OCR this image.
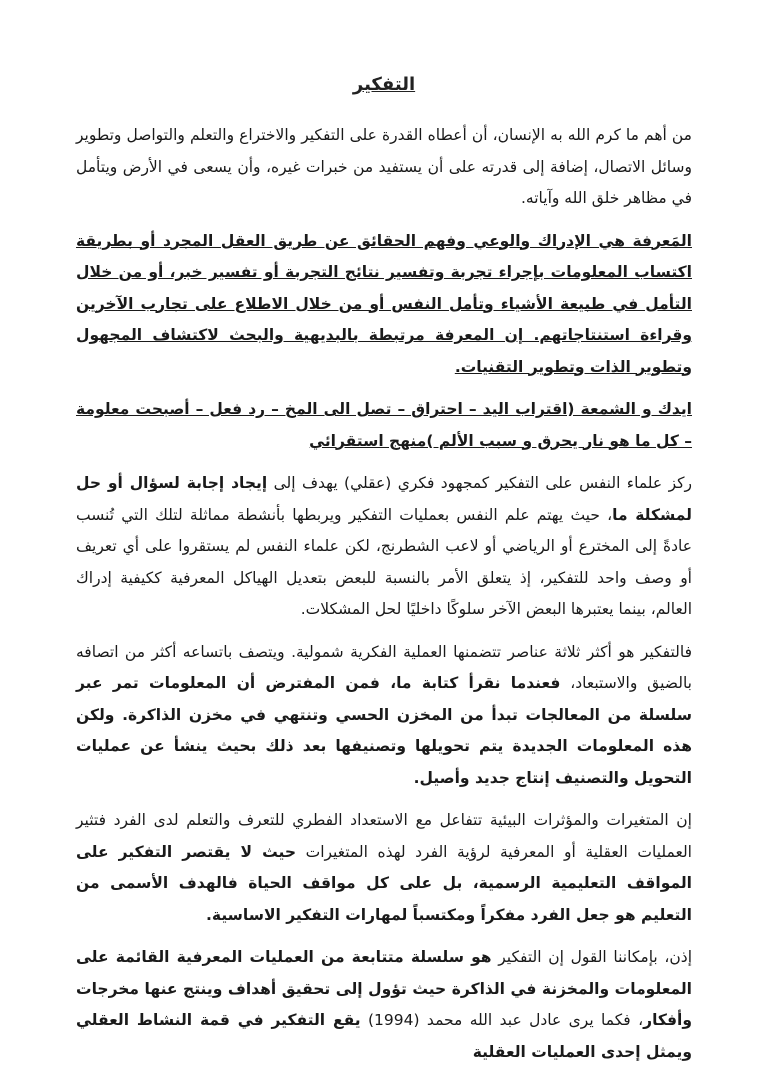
التفكير

من أهم ما كرم الله به الإنسان، أن أعطاه القدرة على التفكير والاختراع والتعلم والتواصل وتطوير وسائل الاتصال، إضافة إلى قدرته على أن يستفيد من خبرات غيره، وأن يسعى في الأرض ويتأمل في مظاهر خلق الله وآياته.

المَعرفة هي الإدراك والوعي وفهم الحقائق عن طريق العقل المجرد أو بطريقة اكتساب المعلومات بإجراء تجربة وتفسير نتائج التجربة أو تفسير خبر، أو من خلال التأمل في طبيعة الأشياء وتأمل النفس أو من خلال الاطلاع على تجارب الآخرين وقراءة استنتاجاتهم. إن المعرفة مرتبطة بالبديهية والبحث لاكتشاف المجهول وتطوير الذات وتطوير التقنيات.

ايدك و الشمعة (اقتراب اليد – احتراق – تصل الى المخ – رد فعل – أصبحت معلومة – كل ما هو نار يحرق و سبب الألم )منهج استقرائي

ركز علماء النفس على التفكير كمجهود فكري (عقلي) يهدف إلى إيجاد إجابة لسؤال أو حل لمشكلة ما، حيث يهتم علم النفس بعمليات التفكير ويربطها بأنشطة مماثلة لتلك التي تُنسب عادةً إلى المخترع أو الرياضي أو لاعب الشطرنج، لكن علماء النفس لم يستقروا على أي تعريف أو وصف واحد للتفكير، إذ يتعلق الأمر بالنسبة للبعض بتعديل الهياكل المعرفية ككيفية إدراك العالم، بينما يعتبرها البعض الآخر سلوكًا داخليًا لحل المشكلات.

فالتفكير هو أكثر ثلاثة عناصر تتضمنها العملية الفكرية شمولية. ويتصف باتساعه أكثر من اتصافه بالضيق والاستبعاد، فعندما نقرأ كتابة ما، فمن المفترض أن المعلومات تمر عبر سلسلة من المعالجات تبدأ من المخزن الحسي وتنتهي في مخزن الذاكرة. ولكن هذه المعلومات الجديدة يتم تحويلها وتصنيفها بعد ذلك بحيث ينشأ عن عمليات التحويل والتصنيف إنتاج جديد وأصيل.

إن المتغيرات والمؤثرات البيئية تتفاعل مع الاستعداد الفطري للتعرف والتعلم لدى الفرد فتثير العمليات العقلية أو المعرفية لرؤية الفرد لهذه المتغيرات حيث لا يقتصر التفكير على المواقف التعليمية الرسمية، بل على كل مواقف الحياة فالهدف الأسمى من التعليم هو جعل الفرد مفكراً ومكتسباً لمهارات التفكير الاساسية.

إذن، بإمكاننا القول إن التفكير هو سلسلة متتابعة من العمليات المعرفية القائمة على المعلومات والمخزنة في الذاكرة حيث تؤول إلى تحقيق أهداف وينتج عنها مخرجات وأفكار، فكما يرى عادل عبد الله محمد (1994) يقع التفكير في قمة النشاط العقلي ويمثل إحدى العمليات العقلية
